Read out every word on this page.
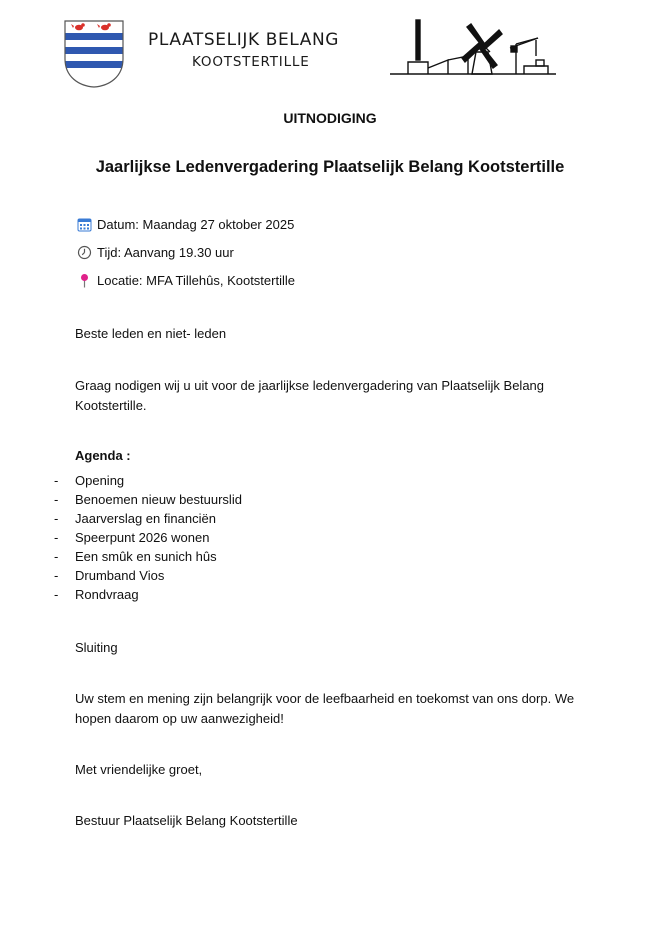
PLAATSELIJK BELANG
KOOTSTERTILLE
UITNODIGING
Jaarlijkse Ledenvergadering Plaatselijk Belang Kootstertille
Datum: Maandag 27 oktober 2025
Tijd: Aanvang 19.30 uur
Locatie: MFA Tillehûs, Kootstertille
Beste leden en niet- leden
Graag nodigen wij u uit voor de jaarlijkse ledenvergadering van Plaatselijk Belang Kootstertille.
Agenda :
- Opening
- Benoemen nieuw bestuurslid
- Jaarverslag en financiën
- Speerpunt 2026 wonen
- Een smûk en sunich hûs
- Drumband Vios
- Rondvraag
Sluiting
Uw stem en mening zijn belangrijk voor de leefbaarheid en toekomst van ons dorp. We hopen daarom op uw aanwezigheid!
Met vriendelijke groet,
Bestuur Plaatselijk Belang Kootstertille
